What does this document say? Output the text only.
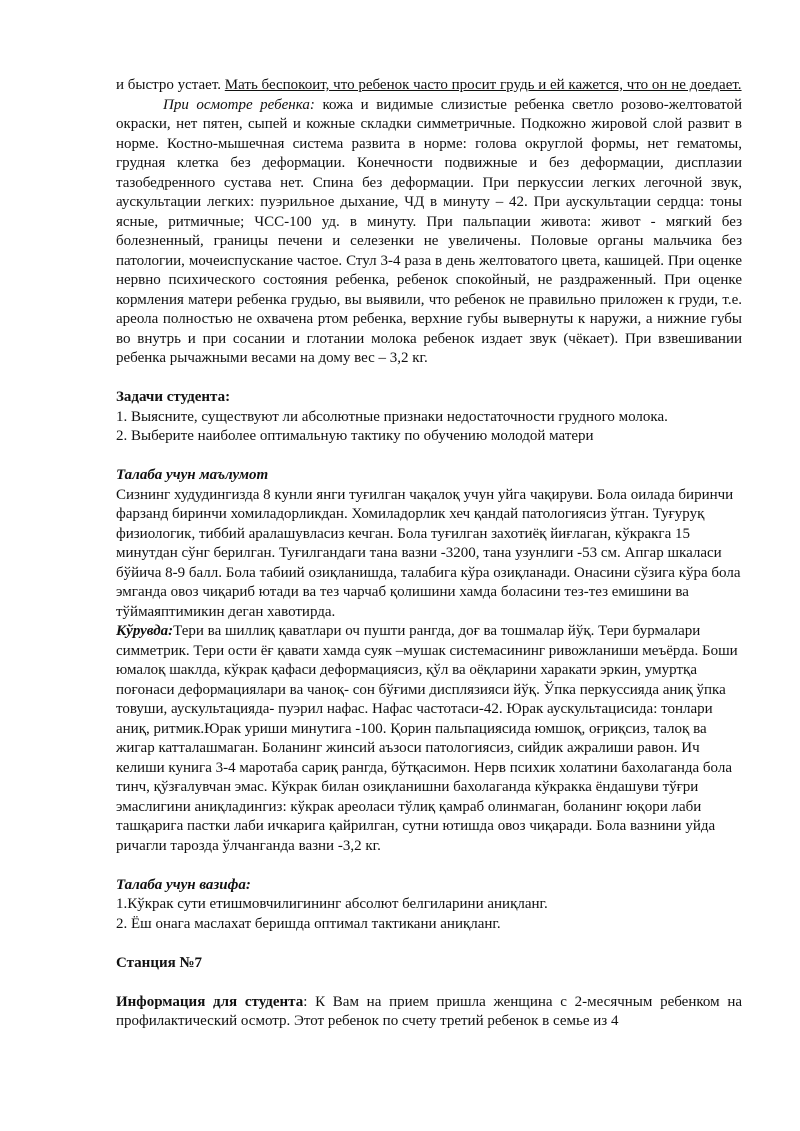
и быстро устает. Мать беспокоит, что ребенок часто просит грудь и ей кажется, что он не доедает.

При осмотре ребенка: кожа и видимые слизистые ребенка светло розово-желтоватой окраски, нет пятен, сыпей и кожные складки симметричные. Подкожно жировой слой развит в норме. Костно-мышечная система развита в норме: голова округлой формы, нет гематомы, грудная клетка без деформации. Конечности подвижные и без деформации, дисплазии тазобедренного сустава нет. Спина без деформации. При перкуссии легких легочной звук, аускультации легких: пуэрильное дыхание, ЧД в минуту – 42. При аускультации сердца: тоны ясные, ритмичные; ЧСС-100 уд. в минуту. При пальпации живота: живот - мягкий без болезненный, границы печени и селезенки не увеличены. Половые органы мальчика без патологии, мочеиспускание частое. Стул 3-4 раза в день желтоватого цвета, кашицей. При оценке нервно психического состояния ребенка, ребенок спокойный, не раздраженный. При оценке кормления матери ребенка грудью, вы выявили, что ребенок не правильно приложен к груди, т.е. ареола полностью не охвачена ртом ребенка, верхние губы вывернуты к наружи, а нижние губы во внутрь и при сосании и глотании молока ребенок издает звук (чёкает). При взвешивании ребенка рычажными весами на дому вес – 3,2 кг.

Задачи студента:

1. Выясните, существуют ли абсолютные признаки недостаточности грудного молока.

2. Выберите наиболее оптимальную тактику по обучению молодой матери

Талаба учун маълумот

Сизнинг худудингизда 8 кунли янги туғилган чақалоқ учун уйга чақируви. Бола оилада биринчи фарзанд биринчи хомиладорликдан. Хомиладорлик хеч қандай патологиясиз ўтган. Туғуруқ физиологик, тиббий аралашувласиз кечган. Бола туғилган захотиёқ йиғлаган, кўкракга 15 минутдан сўнг берилган. Туғилгандаги тана вазни -3200, тана узунлиги -53 см. Апгар шкаласи бўйича 8-9 балл. Бола табиий озиқланишда, талабига кўра озиқланади. Онасини сўзига кўра бола эмганда овоз чиқариб ютади ва тез чарчаб қолишини хамда боласини тез-тез емишини ва тўймаяптимикин деган хавотирда.

Кўрувда:Тери ва шиллиқ қаватлари оч пушти рангда, доғ ва тошмалар йўқ. Тери бурмалари симметрик. Тери ости ёғ қавати хамда суяк –мушак системасининг ривожланиши меъёрда. Боши юмалоқ шаклда, кўкрак қафаси деформациясиз, қўл ва оёқларини харакати эркин, умуртқа поғонаси деформациялари ва чаноқ- сон бўғими дисплязияси йўқ. Ўпка перкуссияда аниқ ўпка товуши, аускультацияда- пуэрил нафас. Нафас частотаси-42. Юрак аускультацисида: тонлари аниқ, ритмик.Юрак уриши минутига -100. Қорин пальпациясида юмшоқ, оғриқсиз, талоқ ва жигар катталашмаган. Боланинг жинсий аъзоси патологиясиз, сийдик ажралиши равон. Ич келиши кунига 3-4 маротаба сариқ рангда, бўтқасимон. Нерв психик холатини бахолаганда бола тинч, қўзғалувчан эмас. Кўкрак билан озиқланишни бахолаганда кўкракка ёндашуви тўғри эмаслигини аниқладингиз: кўкрак ареоласи тўлиқ қамраб олинмаган, боланинг юқори лаби ташқарига пастки лаби ичкарига қайрилган, сутни ютишда овоз чиқаради. Бола вазнини уйда ричагли тарозда ўлчанганда вазни -3,2 кг.

Талаба учун вазифа:

1.Кўкрак сути етишмовчилигининг абсолют белгиларини аниқланг.

2. Ёш онага маслахат беришда оптимал тактикани аниқланг.

Станция №7

Информация для студента: К Вам на прием пришла женщина с 2-месячным ребенком на профилактический осмотр. Этот ребенок по счету третий ребенок в семье из 4
